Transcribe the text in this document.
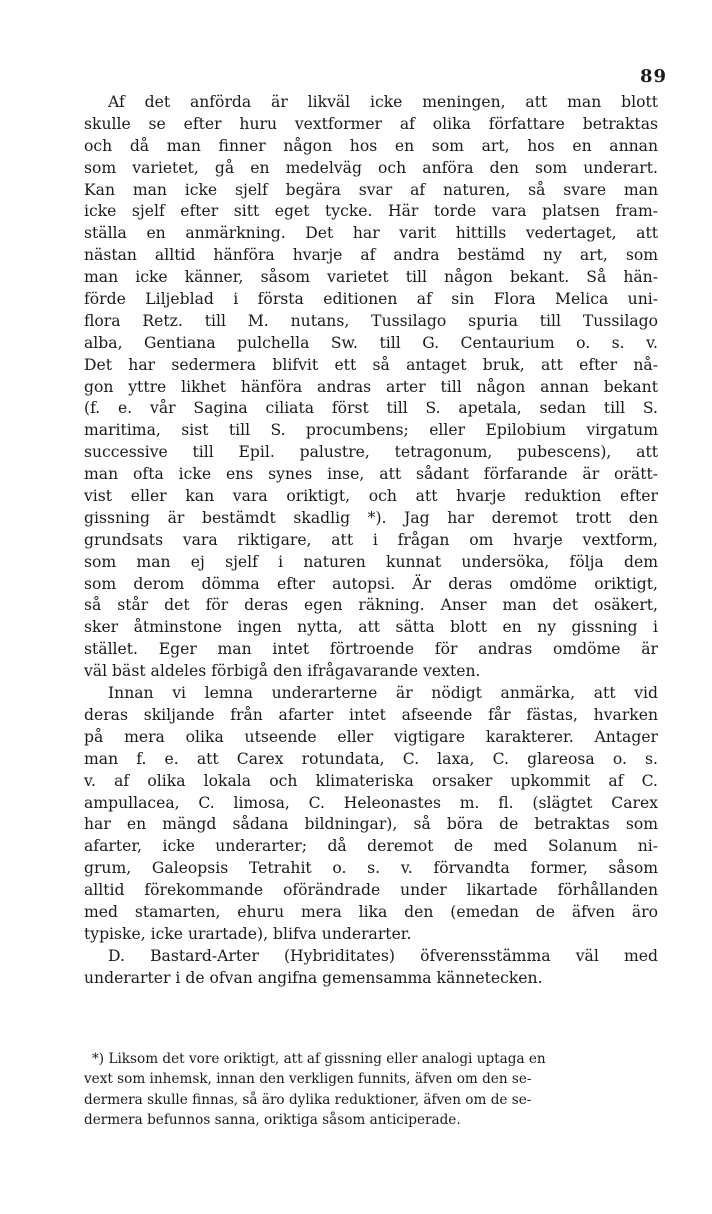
89
Af det anförda är likväl icke meningen, att man blott
skulle se efter huru vextformer af olika författare betraktas
och då man finner någon hos en som art, hos en annan
som varietet, gå en medelväg och anföra den som underart.
Kan man icke sjelf begära svar af naturen, så svare man
icke sjelf efter sitt eget tycke. Här torde vara platsen fram-
ställa en anmärkning. Det har varit hittills vedertaget, att
nästan alltid hänföra hvarje af andra bestämd ny art, som
man icke känner, såsom varietet till någon bekant. Så hän-
förde Liljeblad i första editionen af sin Flora Melica uni-
flora Retz. till M. nutans, Tussilago spuria till Tussilago
alba, Gentiana pulchella Sw. till G. Centaurium o. s. v.
Det har sedermera blifvit ett så antaget bruk, att efter nå-
gon yttre likhet hänföra andras arter till någon annan bekant
(f. e. vår Sagina ciliata först till S. apetala, sedan till S.
maritima, sist till S. procumbens; eller Epilobium virgatum
successive till Epil. palustre, tetragonum, pubescens), att
man ofta icke ens synes inse, att sådant förfarande är orätt-
vist eller kan vara oriktigt, och att hvarje reduktion efter
gissning är bestämdt skadlig *). Jag har deremot trott den
grundsats vara riktigare, att i frågan om hvarje vextform,
som man ej sjelf i naturen kunnat undersöka, följa dem
som derom dömma efter autopsi. Är deras omdöme oriktigt,
så står det för deras egen räkning. Anser man det osäkert,
sker åtminstone ingen nytta, att sätta blott en ny gissning i
stället. Eger man intet förtroende för andras omdöme är
väl bäst aldeles förbigå den ifrågavarande vexten.
Innan vi lemna underarterne är nödigt anmärka, att vid
deras skiljande från afarter intet afseende får fästas, hvarken
på mera olika utseende eller vigtigare karakterer. Antager
man f. e. att Carex rotundata, C. laxa, C. glareosa o. s.
v. af olika lokala och klimateriska orsaker upkommit af C.
ampullacea, C. limosa, C. Heleonastes m. fl. (slägtet Carex
har en mängd sådana bildningar), så böra de betraktas som
afarter, icke underarter; då deremot de med Solanum ni-
grum, Galeopsis Tetrahit o. s. v. förvandta former, såsom
alltid förekommande oförändrade under likartade förhållanden
med stamarten, ehuru mera lika den (emedan de äfven äro
typiske, icke urartade), blifva underarter.
D. Bastard-Arter (Hybriditates) öfverensstämma väl med
underarter i de ofvan angifna gemensamma kännetecken.
*) Liksom det vore oriktigt, att af gissning eller analogi uptaga en
vext som inhemsk, innan den verkligen funnits, äfven om den se-
dermera skulle finnas, så äro dylika reduktioner, äfven om de se-
dermera befunnos sanna, oriktiga såsom anticiperade.
